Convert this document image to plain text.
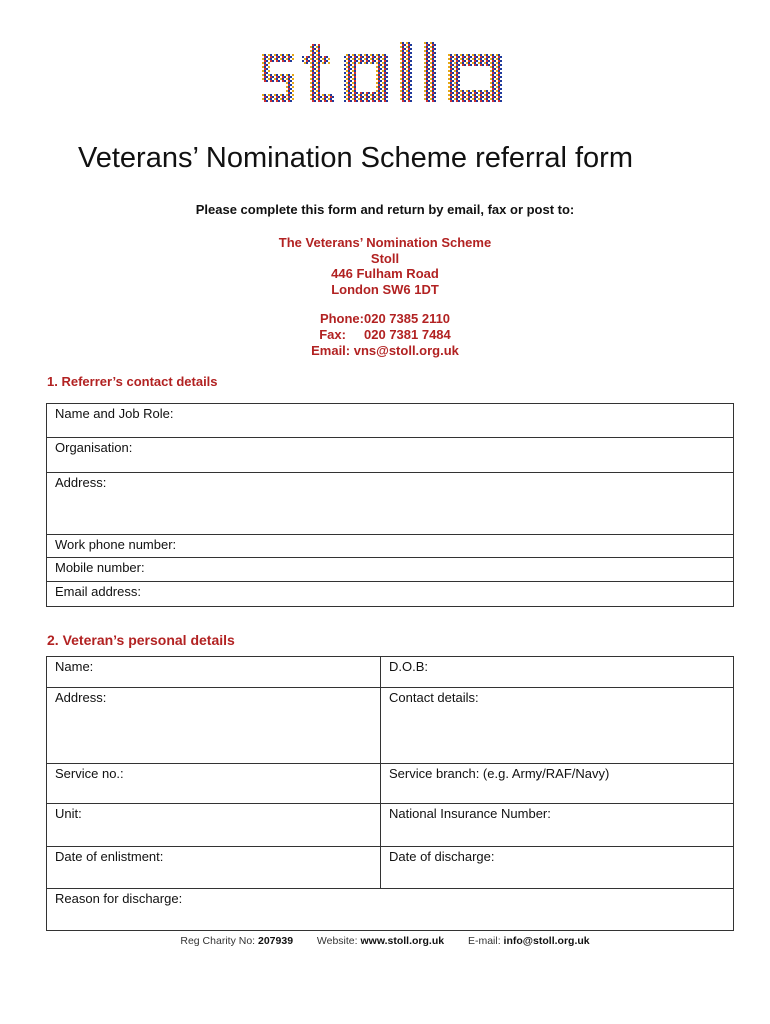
Veterans’ Nomination Scheme referral form
Please complete this form and return by email, fax or post to:
The Veterans’ Nomination Scheme
Stoll
446 Fulham Road
London SW6 1DT
Phone:020 7385 2110
Fax: 020 7381 7484
Email: vns@stoll.org.uk
1. Referrer’s contact details
Name and Job Role:
Organisation:
Address:
Work phone number:
Mobile number:
Email address:
2. Veteran’s personal details
Name:	D.O.B:
Address:	Contact details:
Service no.:	Service branch: (e.g. Army/RAF/Navy)
Unit:	National Insurance Number:
Date of enlistment:	Date of discharge:
Reason for discharge:
Reg Charity No: 207939 Website: www.stoll.org.uk E-mail: info@stoll.org.uk
